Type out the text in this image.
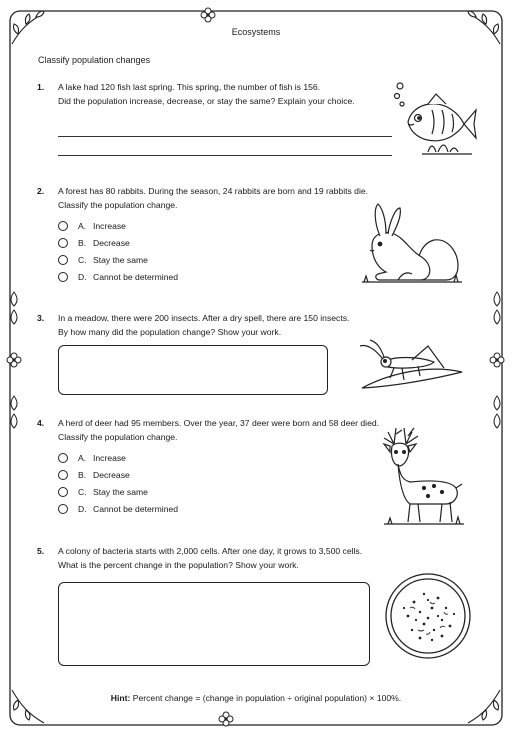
Ecosystems
Classify population changes
1. A lake had 120 fish last spring. This spring, the number of fish is 156.
Did the population increase, decrease, or stay the same? Explain your choice.
2. A forest has 80 rabbits. During the season, 24 rabbits are born and 19 rabbits die.
Classify the population change.
A. Increase
B. Decrease
C. Stay the same
D. Cannot be determined
3. In a meadow, there were 200 insects. After a dry spell, there are 150 insects.
By how many did the population change? Show your work.
4. A herd of deer had 95 members. Over the year, 37 deer were born and 58 deer died.
Classify the population change.
A. Increase
B. Decrease
C. Stay the same
D. Cannot be determined
5. A colony of bacteria starts with 2,000 cells. After one day, it grows to 3,500 cells.
What is the percent change in the population? Show your work.
Hint: Percent change = (change in population ÷ original population) × 100%.
